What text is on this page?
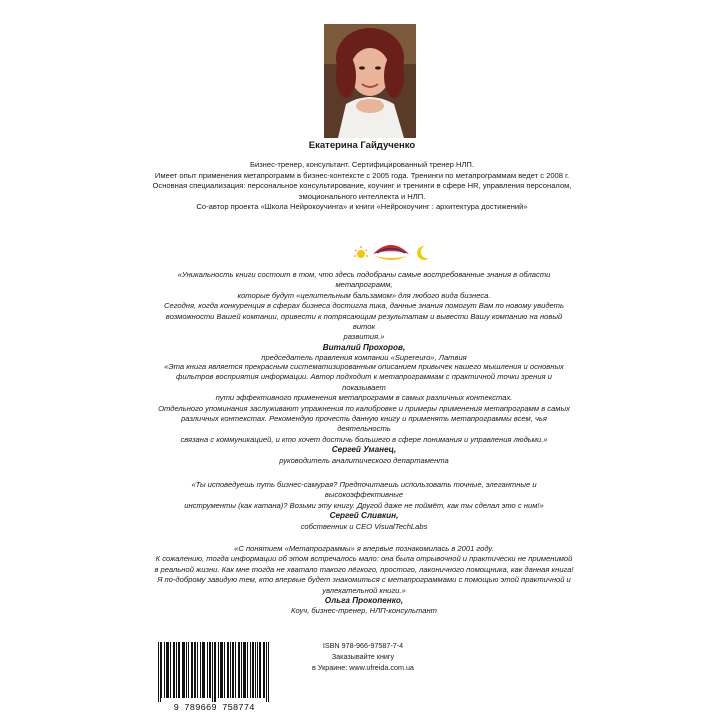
Екатерина Гайдученко

Бизнес-тренер, консультант. Сертифицированный тренер НЛП.

Имеет опыт применения метапрограмм в бизнес-контексте с 2005 года. Тренинги по метапрограммам ведет с 2008 г.

Основная специализация: персональное консультирование, коучинг и тренинги в сфере HR, управления персоналом,

эмоционального интеллекта и НЛП.

Со-автор проекта «Школа Нейрокоучинга» и книги «Нейрокоучинг : архитектура достижений»

«Уникальность книги состоит в том, что здесь подобраны самые востребованные знания в области метапрограмм,

которые будут «целительным бальзамом» для любого вида бизнеса.

Сегодня, когда конкуренция в сферах бизнеса достигла пика, данные знания помогут Вам по новому увидеть

возможности Вашей компании, привести к потрясающим результатам и вывести Вашу компанию на новый виток

развития.»

Виталий Прохоров,

председатель правления компании «Supereuro», Латвия

«Эта книга является прекрасным систематизированным описанием привычек нашего мышления и основных

фильтров восприятия информации. Автор подходит к метапрограммам с практичной точки зрения и показывает

пути эффективного применения метапрограмм в самых различных контекстах.

Отдельного упоминания заслуживают упражнения по калибровке и примеры применения метапрограмм в самых

различных контекстах. Рекомендую прочесть данную книгу и применять метапрограммы всем, чья деятельность

связана с коммуникацией, и кто хочет достичь большего в сфере понимания и управления людьми.»

Сергей Уманец,

руководитель аналитического департамента

«Ты исповедуешь путь бизнес-самурая? Предпочитаешь использовать точные, элегантные и высокоэффективные

инструменты (как катана)? Возьми эту книгу. Другой даже не поймёт, как ты сделал это с ним!»

Сергей Сливкин,

собственник и CEO VisualTechLabs

«С понятием «Метапрограммы» я впервые познакомилась в 2001 году.

К сожалению, тогда информации об этом встречалось мало: она была отрывочной и практически не применимой

в реальной жизни. Как мне тогда не хватало такого лёгкого, простого, лаконичного помощника, как данная книга!

Я по-доброму завидую тем, кто впервые будет знакомиться с метапрограммами с помощью этой практичной и

увлекательной книги.»

Ольга Прокопенко,

Коуч, бизнес-тренер, НЛП-консультант

9 789669 758774

ISBN 978-966-97587-7-4

Заказывайте книгу

в Украине: www.ufreida.com.ua
